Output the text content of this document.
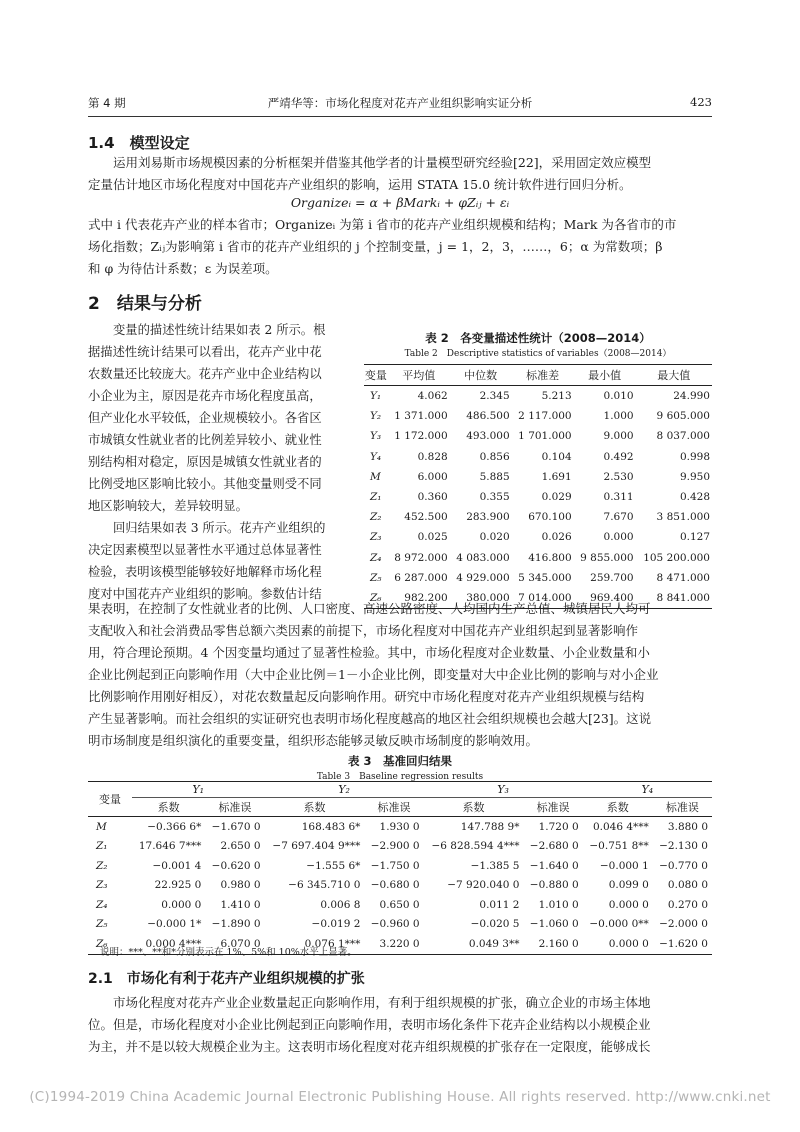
第 4 期	严靖华等：市场化程度对花卉产业组织影响实证分析	423
1.4　模型设定
运用刘易斯市场规模因素的分析框架并借鉴其他学者的计量模型研究经验[22]，采用固定效应模型
定量估计地区市场化程度对中国花卉产业组织的影响，运用 STATA 15.0 统计软件进行回归分析。
Organizeᵢ = α + βMarkᵢ + φZᵢⱼ + εᵢ
式中 i 代表花卉产业的样本省市；Organizeᵢ 为第 i 省市的花卉产业组织规模和结构；Mark 为各省市的市
场化指数；Zᵢⱼ为影响第 i 省市的花卉产业组织的 j 个控制变量，j = 1，2，3，……，6；α 为常数项；β
和 φ 为待估计系数；ε 为误差项。
2　结果与分析
变量的描述性统计结果如表 2 所示。根
据描述性统计结果可以看出，花卉产业中花
农数量还比较庞大。花卉产业中企业结构以
小企业为主，原因是花卉市场化程度虽高，
但产业化水平较低，企业规模较小。各省区
市城镇女性就业者的比例差异较小、就业性
别结构相对稳定，原因是城镇女性就业者的
比例受地区影响比较小。其他变量则受不同
地区影响较大，差异较明显。
回归结果如表 3 所示。花卉产业组织的
决定因素模型以显著性水平通过总体显著性
检验，表明该模型能够较好地解释市场化程
度对中国花卉产业组织的影响。参数估计结
表 2　各变量描述性统计（2008—2014）
Table 2　Descriptive statistics of variables（2008—2014）
变量	平均值	中位数	标准差	最小值	最大值
Y₁	4.062	2.345	5.213	0.010	24.990
Y₂	1 371.000	486.500	2 117.000	1.000	9 605.000
Y₃	1 172.000	493.000	1 701.000	9.000	8 037.000
Y₄	0.828	0.856	0.104	0.492	0.998
M	6.000	5.885	1.691	2.530	9.950
Z₁	0.360	0.355	0.029	0.311	0.428
Z₂	452.500	283.900	670.100	7.670	3 851.000
Z₃	0.025	0.020	0.026	0.000	0.127
Z₄	8 972.000	4 083.000	416.800	9 855.000	105 200.000
Z₅	6 287.000	4 929.000	5 345.000	259.700	8 471.000
Z₆	982.200	380.000	7 014.000	969.400	8 841.000
果表明，在控制了女性就业者的比例、人口密度、高速公路密度、人均国内生产总值、城镇居民人均可
支配收入和社会消费品零售总额六类因素的前提下，市场化程度对中国花卉产业组织起到显著影响作
用，符合理论预期。4 个因变量均通过了显著性检验。其中，市场化程度对企业数量、小企业数量和小
企业比例起到正向影响作用（大中企业比例＝1－小企业比例，即变量对大中企业比例的影响与对小企业
比例影响作用刚好相反），对花农数量起反向影响作用。研究中市场化程度对花卉产业组织规模与结构
产生显著影响。而社会组织的实证研究也表明市场化程度越高的地区社会组织规模也会越大[23]。这说
明市场制度是组织演化的重要变量，组织形态能够灵敏反映市场制度的影响效用。
表 3　基准回归结果
Table 3　Baseline regression results
变量	Y₁		Y₂		Y₃		Y₄	
	系数	标准误	系数	标准误	系数	标准误	系数	标准误
M	−0.366 6*	−1.670 0	168.483 6*	1.930 0	147.788 9*	1.720 0	0.046 4***	3.880 0
Z₁	17.646 7***	2.650 0	−7 697.404 9***	−2.900 0	−6 828.594 4***	−2.680 0	−0.751 8**	−2.130 0
Z₂	−0.001 4	−0.620 0	−1.555 6*	−1.750 0	−1.385 5	−1.640 0	−0.000 1	−0.770 0
Z₃	22.925 0	0.980 0	−6 345.710 0	−0.680 0	−7 920.040 0	−0.880 0	0.099 0	0.080 0
Z₄	0.000 0	1.410 0	0.006 8	0.650 0	0.011 2	1.010 0	0.000 0	0.270 0
Z₅	−0.000 1*	−1.890 0	−0.019 2	−0.960 0	−0.020 5	−1.060 0	−0.000 0**	−2.000 0
Z₆	0.000 4***	6.070 0	0.076 1***	3.220 0	0.049 3**	2.160 0	0.000 0	−1.620 0
说明：***、**和*分别表示在 1%、5%和 10%水平上显著。
2.1　市场化有利于花卉产业组织规模的扩张
市场化程度对花卉产业企业数量起正向影响作用，有利于组织规模的扩张，确立企业的市场主体地
位。但是，市场化程度对小企业比例起到正向影响作用，表明市场化条件下花卉企业结构以小规模企业
为主，并不是以较大规模企业为主。这表明市场化程度对花卉组织规模的扩张存在一定限度，能够成长
(C)1994-2019 China Academic Journal Electronic Publishing House. All rights reserved. http://www.cnki.net
